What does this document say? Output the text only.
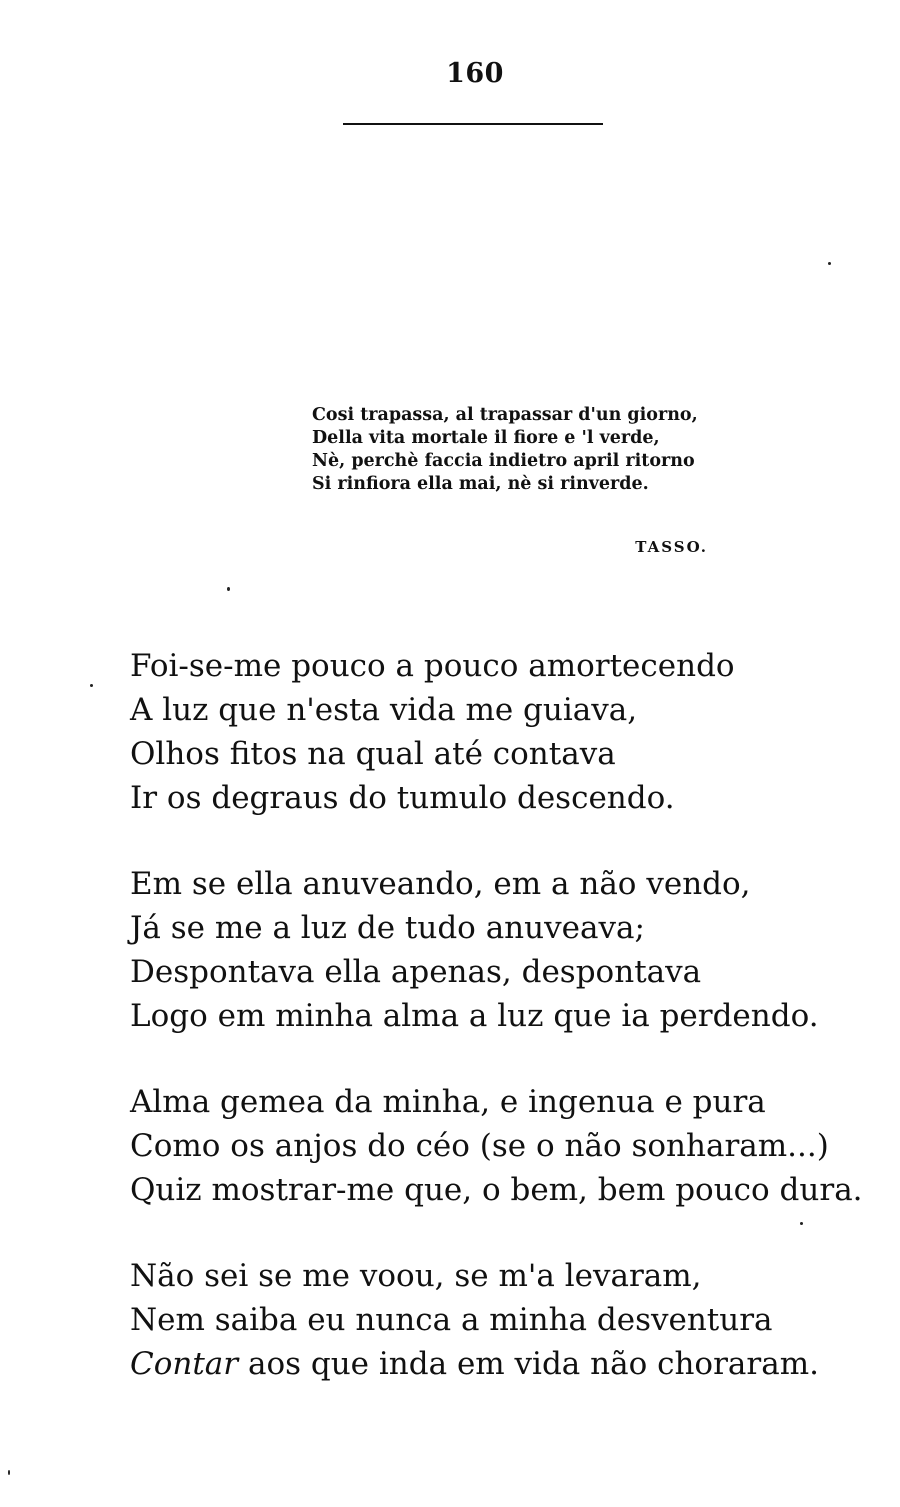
160
Cosi trapassa, al trapassar d'un giorno,
Della vita mortale il fiore e 'l verde,
Nè, perchè faccia indietro april ritorno
Si rinfiora ella mai, nè si rinverde.
TASSO.
Foi-se-me pouco a pouco amortecendo
A luz que n'esta vida me guiava,
Olhos fitos na qual até contava
Ir os degraus do tumulo descendo.
Em se ella anuveando, em a não vendo,
Já se me a luz de tudo anuveava;
Despontava ella apenas, despontava
Logo em minha alma a luz que ia perdendo.
Alma gemea da minha, e ingenua e pura
Como os anjos do céo (se o não sonharam...)
Quiz mostrar-me que, o bem, bem pouco dura.
Não sei se me voou, se m'a levaram,
Nem saiba eu nunca a minha desventura
Contar aos que inda em vida não choraram.
